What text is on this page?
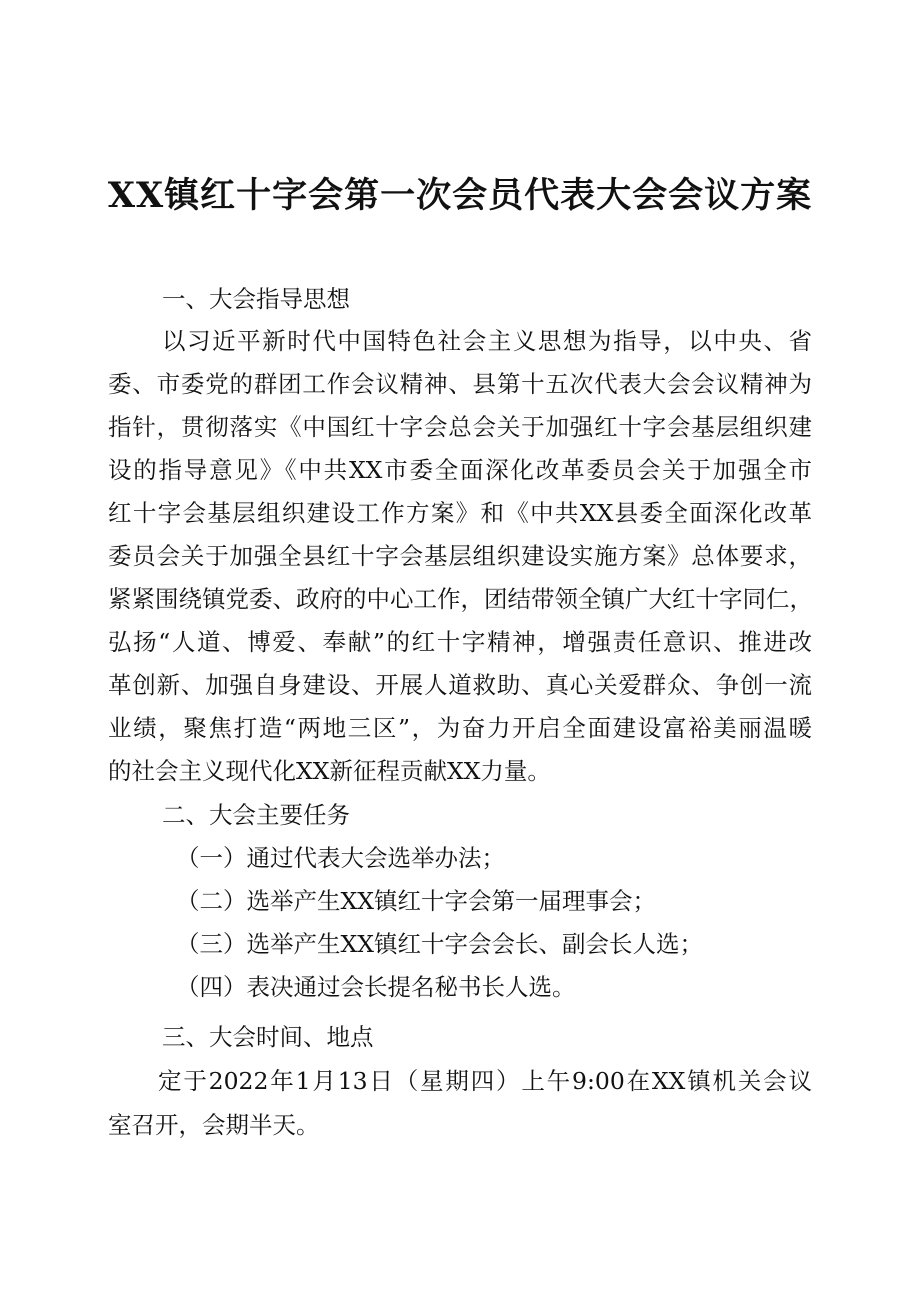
XX镇红十字会第一次会员代表大会会议方案
一、大会指导思想
以习近平新时代中国特色社会主义思想为指导，以中央、省
委、市委党的群团工作会议精神、县第十五次代表大会会议精神为
指针，贯彻落实《中国红十字会总会关于加强红十字会基层组织建
设的指导意见》《中共XX市委全面深化改革委员会关于加强全市
红十字会基层组织建设工作方案》和《中共XX县委全面深化改革
委员会关于加强全县红十字会基层组织建设实施方案》总体要求，
紧紧围绕镇党委、政府的中心工作，团结带领全镇广大红十字同仁，
弘扬“人道、博爱、奉献”的红十字精神，增强责任意识、推进改
革创新、加强自身建设、开展人道救助、真心关爱群众、争创一流
业绩，聚焦打造“两地三区”，为奋力开启全面建设富裕美丽温暖
的社会主义现代化XX新征程贡献XX力量。
二、大会主要任务
（一）通过代表大会选举办法；
（二）选举产生XX镇红十字会第一届理事会；
（三）选举产生XX镇红十字会会长、副会长人选；
（四）表决通过会长提名秘书长人选。
三、大会时间、地点
定于2022年1月13日（星期四）上午9:00在XX镇机关会议
室召开，会期半天。
